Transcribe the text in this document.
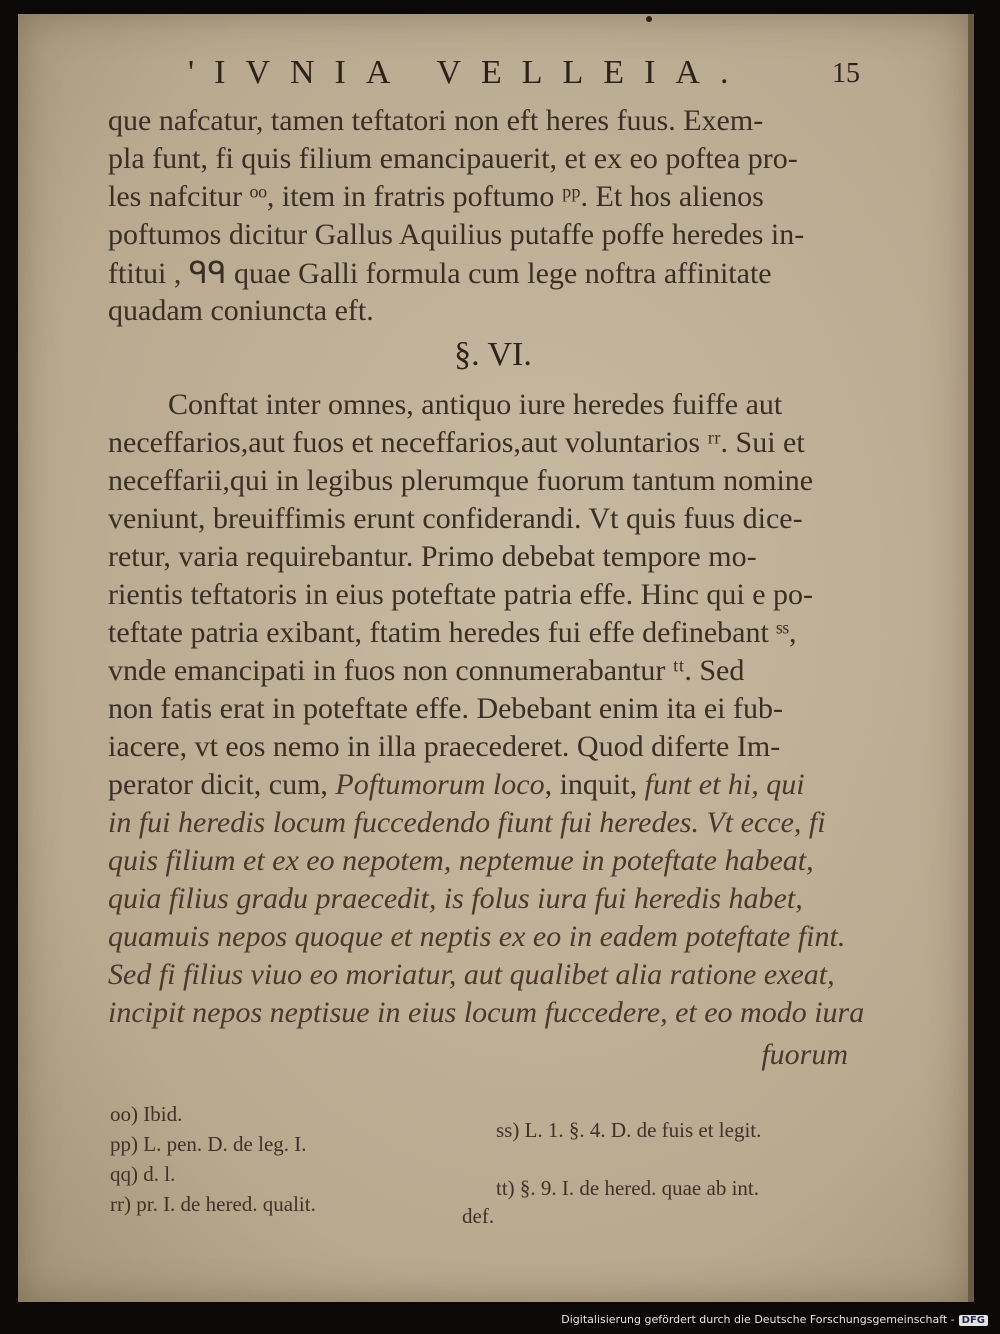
'IVNIA VELLEIA.	15
que nafcatur, tamen teftatori non eft heres fuus. Exem-
pla funt, fi quis filium emancipauerit, et ex eo poftea pro-
les nafcitur ᵒᵒ, item in fratris poftumo ᵖᵖ. Et hos alienos
poftumos dicitur Gallus Aquilius putaffe poffe heredes in-
ftitui , ᑫᑫ quae Galli formula cum lege noftra affinitate
quadam coniuncta eft.
§. VI.
Conftat inter omnes, antiquo iure heredes fuiffe aut
neceffarios,aut fuos et neceffarios,aut voluntarios ʳʳ. Sui et
neceffarii,qui in legibus plerumque fuorum tantum nomine
veniunt, breuiffimis erunt confiderandi. Vt quis fuus dice-
retur, varia requirebantur. Primo debebat tempore mo-
rientis teftatoris in eius poteftate patria effe. Hinc qui e po-
teftate patria exibant, ftatim heredes fui effe definebant ˢˢ,
vnde emancipati in fuos non connumerabantur ᵗᵗ. Sed
non fatis erat in poteftate effe. Debebant enim ita ei fub-
iacere, vt eos nemo in illa praecederet. Quod diferte Im-
perator dicit, cum, Poftumorum loco, inquit, funt et hi, qui
in fui heredis locum fuccedendo fiunt fui heredes. Vt ecce, fi
quis filium et ex eo nepotem, neptemue in poteftate habeat,
quia filius gradu praecedit, is folus iura fui heredis habet,
quamuis nepos quoque et neptis ex eo in eadem poteftate fint.
Sed fi filius viuo eo moriatur, aut qualibet alia ratione exeat,
incipit nepos neptisue in eius locum fuccedere, et eo modo iura
fuorum
oo) Ibid.
pp) L. pen. D. de leg. I.
qq) d. l.
rr) pr. I. de hered. qualit.
ss) L. 1. §. 4. D. de fuis et legit.
tt) §. 9. I. de hered. quae ab int.
def.
Digitalisierung gefördert durch die Deutsche Forschungsgemeinschaft - DFG
